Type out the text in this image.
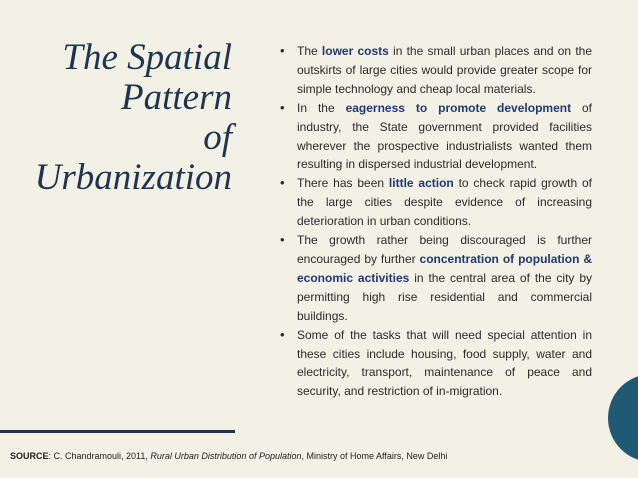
The Spatial
Pattern
of
Urbanization
• The lower costs in the small urban places and on the outskirts of large cities would provide greater scope for simple technology and cheap local materials.
• In the eagerness to promote development of industry, the State government provided facilities wherever the prospective industrialists wanted them resulting in dispersed industrial development.
• There has been little action to check rapid growth of the large cities despite evidence of increasing deterioration in urban conditions.
• The growth rather being discouraged is further encouraged by further concentration of population & economic activities in the central area of the city by permitting high rise residential and commercial buildings.
• Some of the tasks that will need special attention in these cities include housing, food supply, water and electricity, transport, maintenance of peace and security, and restriction of in-migration.
SOURCE: C. Chandramouli, 2011, Rural Urban Distribution of Population, Ministry of Home Affairs, New Delhi
